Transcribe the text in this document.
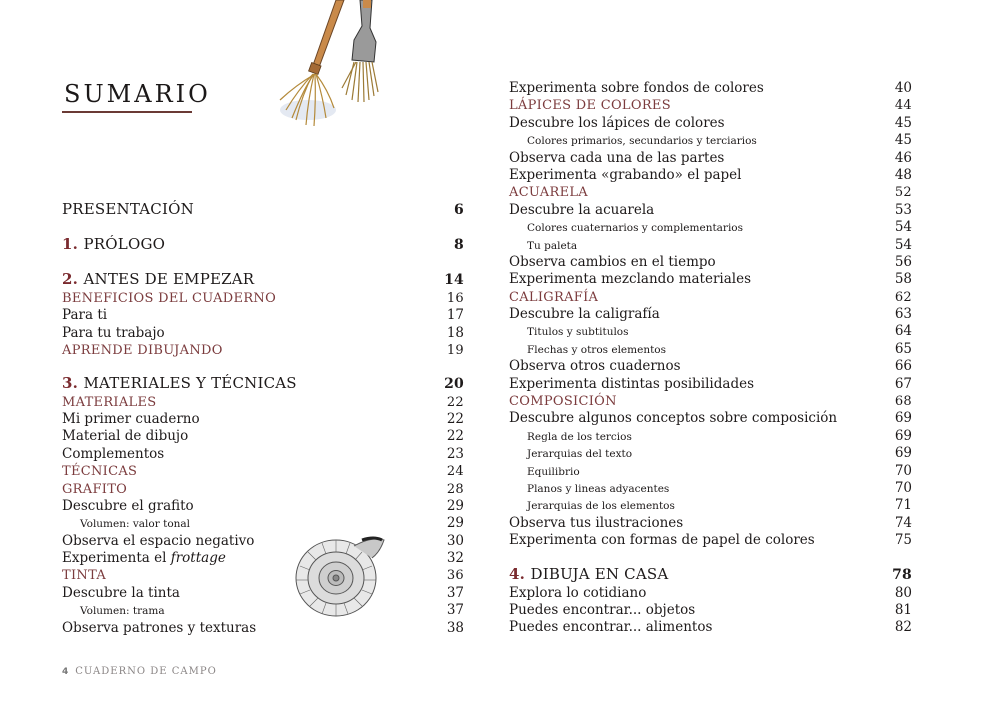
SUMARIO
PRESENTACIÓN	6
1. PRÓLOGO	8
2. ANTES DE EMPEZAR	14
BENEFICIOS DEL CUADERNO	16
Para ti	17
Para tu trabajo	18
APRENDE DIBUJANDO	19
3. MATERIALES Y TÉCNICAS	20
MATERIALES	22
Mi primer cuaderno	22
Material de dibujo	22
Complementos	23
TÉCNICAS	24
GRAFITO	28
Descubre el grafito	29
Volumen: valor tonal	29
Observa el espacio negativo	30
Experimenta el frottage	32
TINTA	36
Descubre la tinta	37
Volumen: trama	37
Observa patrones y texturas	38
Experimenta sobre fondos de colores	40
LÁPICES DE COLORES	44
Descubre los lápices de colores	45
Colores primarios, secundarios y terciarios	45
Observa cada una de las partes	46
Experimenta «grabando» el papel	48
ACUARELA	52
Descubre la acuarela	53
Colores cuaternarios y complementarios	54
Tu paleta	54
Observa cambios en el tiempo	56
Experimenta mezclando materiales	58
CALIGRAFÍA	62
Descubre la caligrafía	63
Titulos y subtitulos	64
Flechas y otros elementos	65
Observa otros cuadernos	66
Experimenta distintas posibilidades	67
COMPOSICIÓN	68
Descubre algunos conceptos sobre composición	69
Regla de los tercios	69
Jerarquias del texto	69
Equilibrio	70
Planos y lineas adyacentes	70
Jerarquias de los elementos	71
Observa tus ilustraciones	74
Experimenta con formas de papel de colores	75
4. DIBUJA EN CASA	78
Explora lo cotidiano	80
Puedes encontrar... objetos	81
Puedes encontrar... alimentos	82
4 CUADERNO DE CAMPO
